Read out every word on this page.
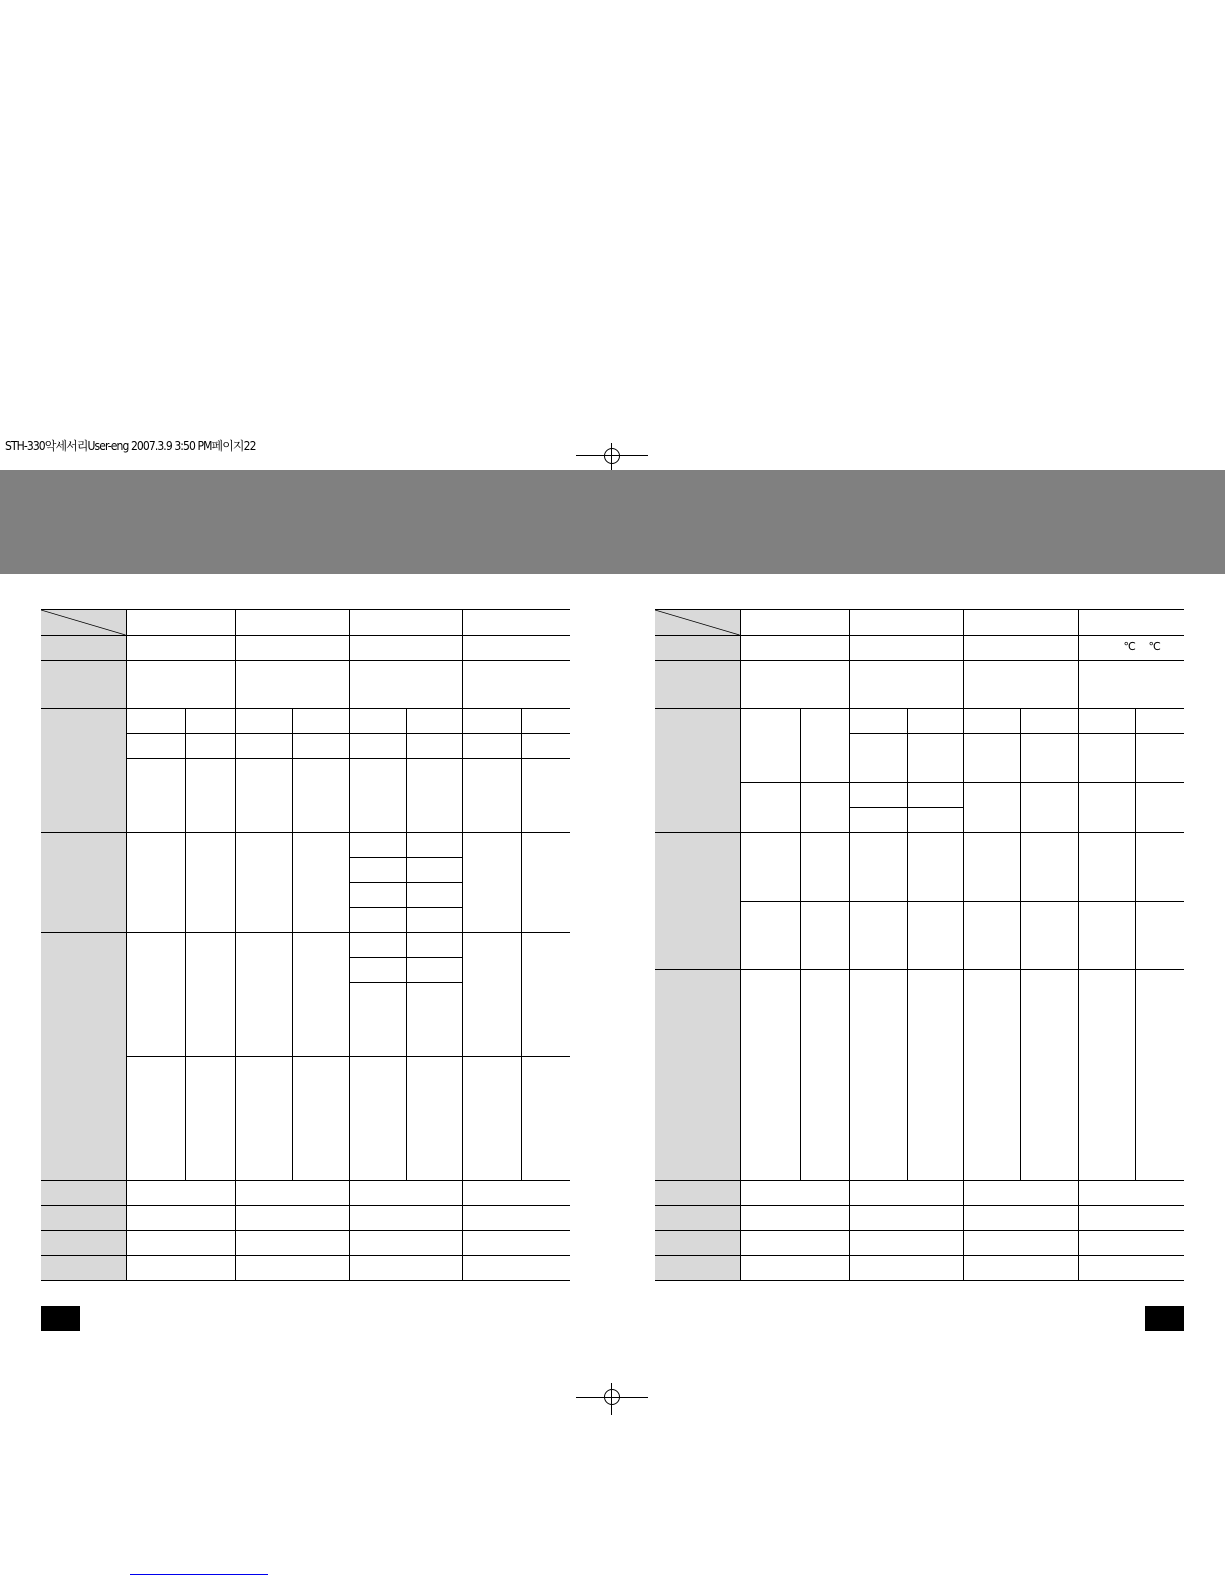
STH-330악세서리User-eng 2007.3.9 3:50 PM페이지22

							℃ ℃	
